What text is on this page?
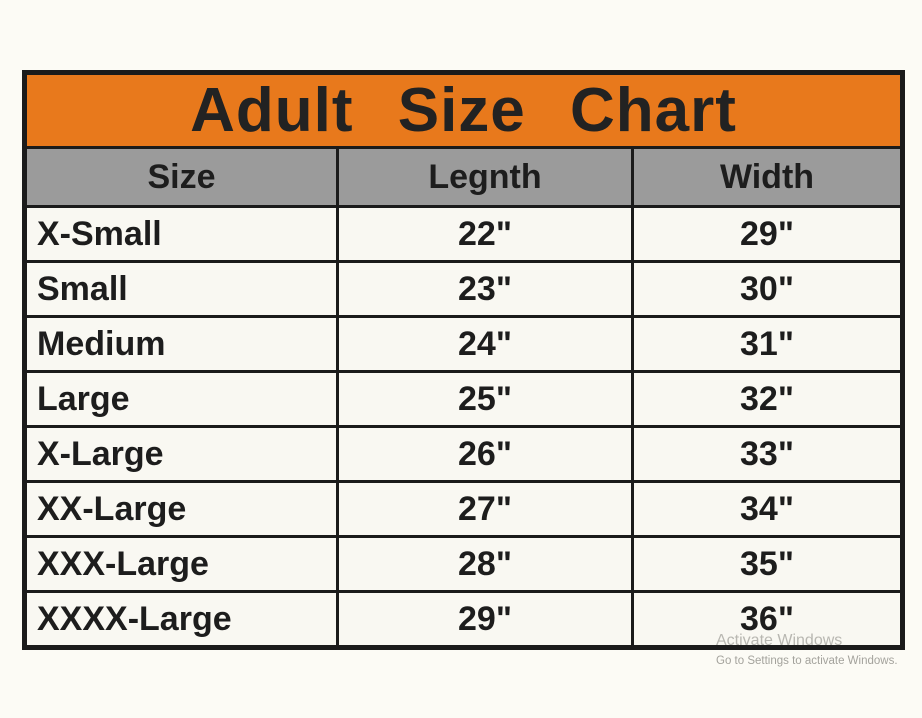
Adult Size Chart		
Size	Legnth	Width
X-Small	22"	29"
Small	23"	30"
Medium	24"	31"
Large	25"	32"
X-Large	26"	33"
XX-Large	27"	34"
XXX-Large	28"	35"
XXXX-Large	29"	36"
Activate Windows
Go to Settings to activate Windows.
